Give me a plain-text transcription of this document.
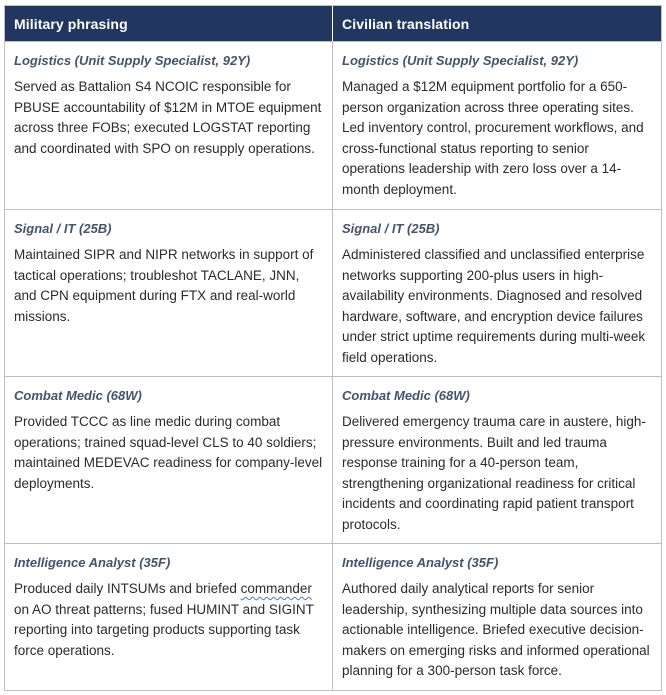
Military phrasing	Civilian translation

Logistics (Unit Supply Specialist, 92Y)

Served as Battalion S4 NCOIC responsible for PBUSE accountability of $12M in MTOE equipment across three FOBs; executed LOGSTAT reporting and coordinated with SPO on resupply operations.

Logistics (Unit Supply Specialist, 92Y)

Managed a $12M equipment portfolio for a 650-person organization across three operating sites. Led inventory control, procurement workflows, and cross-functional status reporting to senior operations leadership with zero loss over a 14-month deployment.

Signal / IT (25B)

Maintained SIPR and NIPR networks in support of tactical operations; troubleshot TACLANE, JNN, and CPN equipment during FTX and real-world missions.

Signal / IT (25B)

Administered classified and unclassified enterprise networks supporting 200-plus users in high-availability environments. Diagnosed and resolved hardware, software, and encryption device failures under strict uptime requirements during multi-week field operations.

Combat Medic (68W)

Provided TCCC as line medic during combat operations; trained squad-level CLS to 40 soldiers; maintained MEDEVAC readiness for company-level deployments.

Combat Medic (68W)

Delivered emergency trauma care in austere, high-pressure environments. Built and led trauma response training for a 40-person team, strengthening organizational readiness for critical incidents and coordinating rapid patient transport protocols.

Intelligence Analyst (35F)

Produced daily INTSUMs and briefed commander on AO threat patterns; fused HUMINT and SIGINT reporting into targeting products supporting task force operations.

Intelligence Analyst (35F)

Authored daily analytical reports for senior leadership, synthesizing multiple data sources into actionable intelligence. Briefed executive decision-makers on emerging risks and informed operational planning for a 300-person task force.
